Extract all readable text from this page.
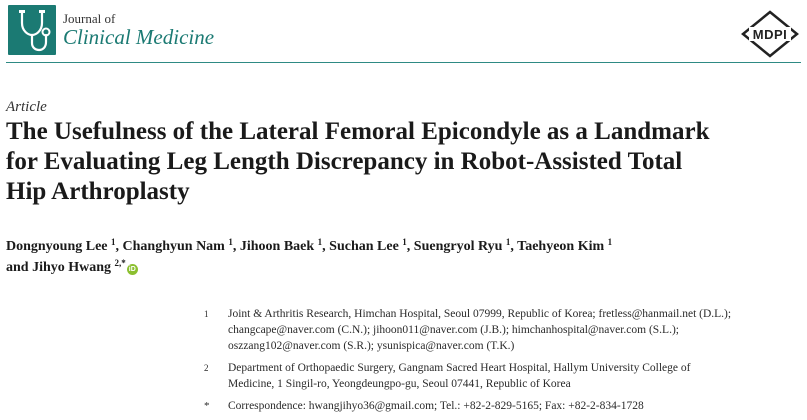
Journal of
Clinical Medicine	MDPI
Article
The Usefulness of the Lateral Femoral Epicondyle as a Landmark
for Evaluating Leg Length Discrepancy in Robot-Assisted Total
Hip Arthroplasty
Dongnyoung Lee $^1$, Changhyun Nam $^1$, Jihoon Baek $^1$, Suchan Lee $^1$, Suengryol Ryu $^1$, Taehyeon Kim $^1$
and Jihyo Hwang $^{2,*}$iD
1 Joint & Arthritis Research, Himchan Hospital, Seoul 07999, Republic of Korea; fretless@hanmail.net (D.L.);
changcape@naver.com (C.N.); jihoon011@naver.com (J.B.); himchanhospital@naver.com (S.L.);
oszzang102@naver.com (S.R.); ysunispica@naver.com (T.K.)
2 Department of Orthopaedic Surgery, Gangnam Sacred Heart Hospital, Hallym University College of
Medicine, 1 Singil-ro, Yeongdeungpo-gu, Seoul 07441, Republic of Korea
* Correspondence: hwangjihyo36@gmail.com; Tel.: +82-2-829-5165; Fax: +82-2-834-1728
